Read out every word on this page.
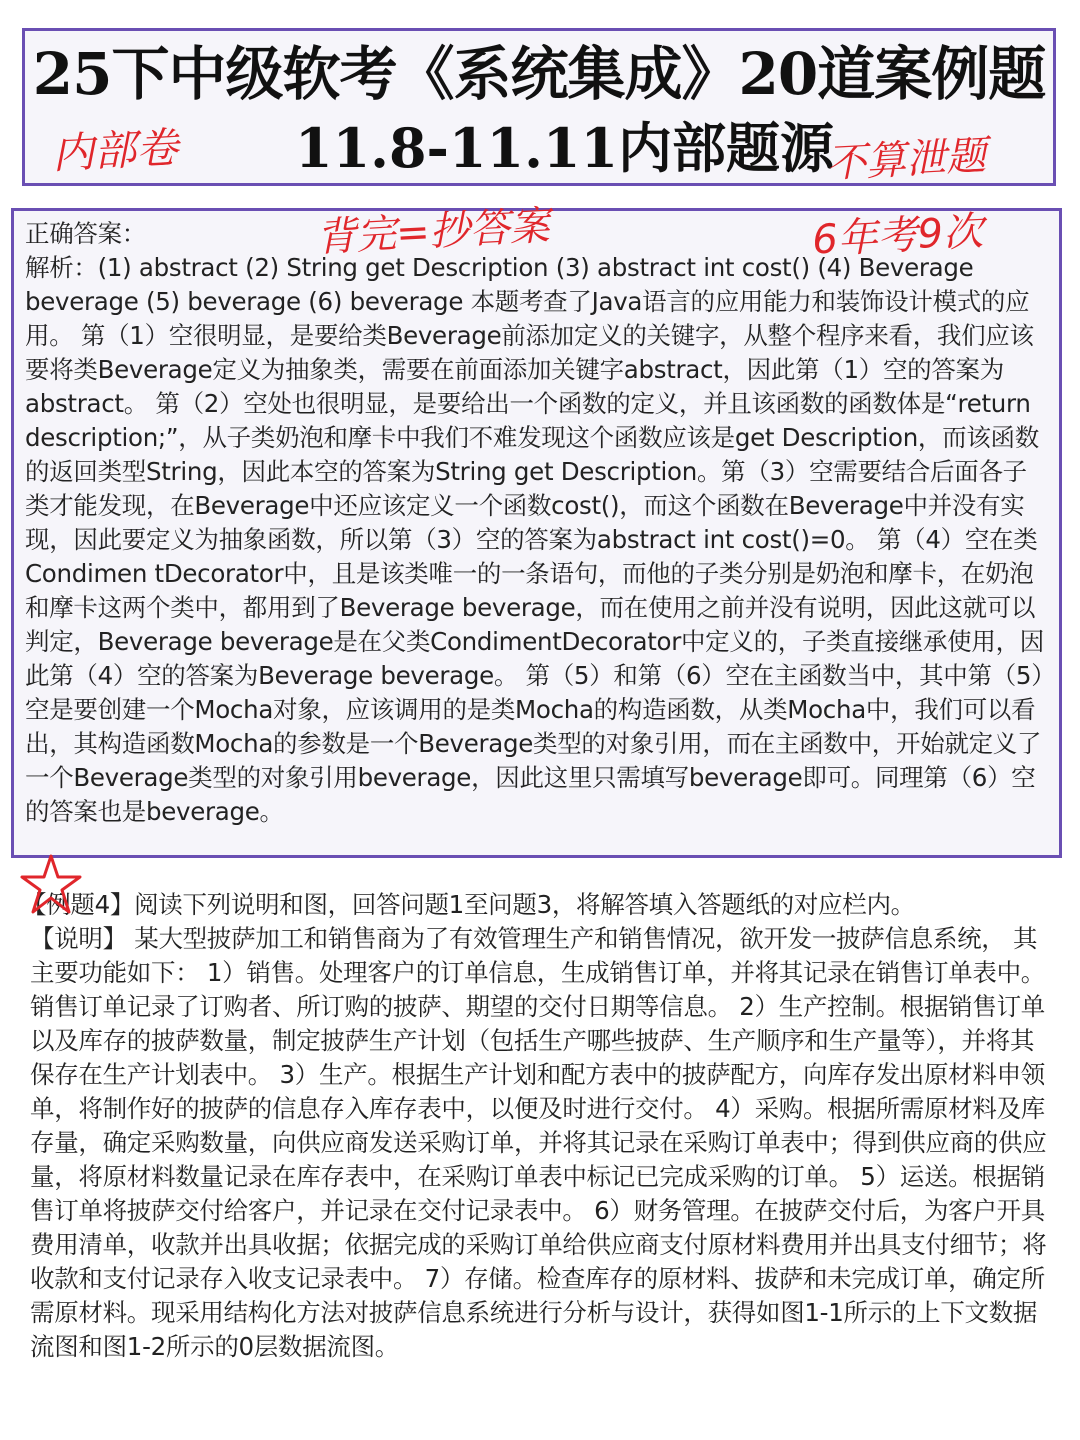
25下中级软考《系统集成》20道案例题
11.8-11.11内部题源
内部卷	不算泄题

正确答案：

解析：(1) abstract (2) String get Description (3) abstract int cost() (4) Beverage beverage (5) beverage (6) beverage 本题考查了Java语言的应用能力和装饰设计模式的应用。 第（1）空很明显，是要给类Beverage前添加定义的关键字，从整个程序来看，我们应该要将类Beverage定义为抽象类，需要在前面添加关键字abstract，因此第（1）空的答案为abstract。 第（2）空处也很明显，是要给出一个函数的定义，并且该函数的函数体是“return description;”，从子类奶泡和摩卡中我们不难发现这个函数应该是get Description，而该函数的返回类型String，因此本空的答案为String get Description。第（3）空需要结合后面各子类才能发现，在Beverage中还应该定义一个函数cost()，而这个函数在Beverage中并没有实现，因此要定义为抽象函数，所以第（3）空的答案为abstract int cost()=0。 第（4）空在类Condimen tDecorator中，且是该类唯一的一条语句，而他的子类分别是奶泡和摩卡，在奶泡和摩卡这两个类中，都用到了Beverage beverage，而在使用之前并没有说明，因此这就可以判定，Beverage beverage是在父类CondimentDecorator中定义的，子类直接继承使用，因此第（4）空的答案为Beverage beverage。 第（5）和第（6）空在主函数当中，其中第（5）空是要创建一个Mocha对象，应该调用的是类Mocha的构造函数，从类Mocha中，我们可以看出，其构造函数Mocha的参数是一个Beverage类型的对象引用，而在主函数中，开始就定义了一个Beverage类型的对象引用beverage，因此这里只需填写beverage即可。同理第（6）空的答案也是beverage。

背完=抄答案	6年考9次

【例题4】阅读下列说明和图，回答问题1至问题3，将解答填入答题纸的对应栏内。

【说明】 某大型披萨加工和销售商为了有效管理生产和销售情况，欲开发一披萨信息系统， 其主要功能如下： 1）销售。处理客户的订单信息，生成销售订单，并将其记录在销售订单表中。销售订单记录了订购者、所订购的披萨、期望的交付日期等信息。 2）生产控制。根据销售订单以及库存的披萨数量，制定披萨生产计划（包括生产哪些披萨、生产顺序和生产量等），并将其保存在生产计划表中。 3）生产。根据生产计划和配方表中的披萨配方，向库存发出原材料申领单，将制作好的披萨的信息存入库存表中，以便及时进行交付。 4）采购。根据所需原材料及库存量，确定采购数量，向供应商发送采购订单，并将其记录在采购订单表中；得到供应商的供应量，将原材料数量记录在库存表中，在采购订单表中标记已完成采购的订单。 5）运送。根据销售订单将披萨交付给客户，并记录在交付记录表中。 6）财务管理。在披萨交付后，为客户开具费用清单，收款并出具收据；依据完成的采购订单给供应商支付原材料费用并出具支付细节；将收款和支付记录存入收支记录表中。 7）存储。检查库存的原材料、拔萨和未完成订单，确定所需原材料。现采用结构化方法对披萨信息系统进行分析与设计，获得如图1-1所示的上下文数据流图和图1-2所示的0层数据流图。
